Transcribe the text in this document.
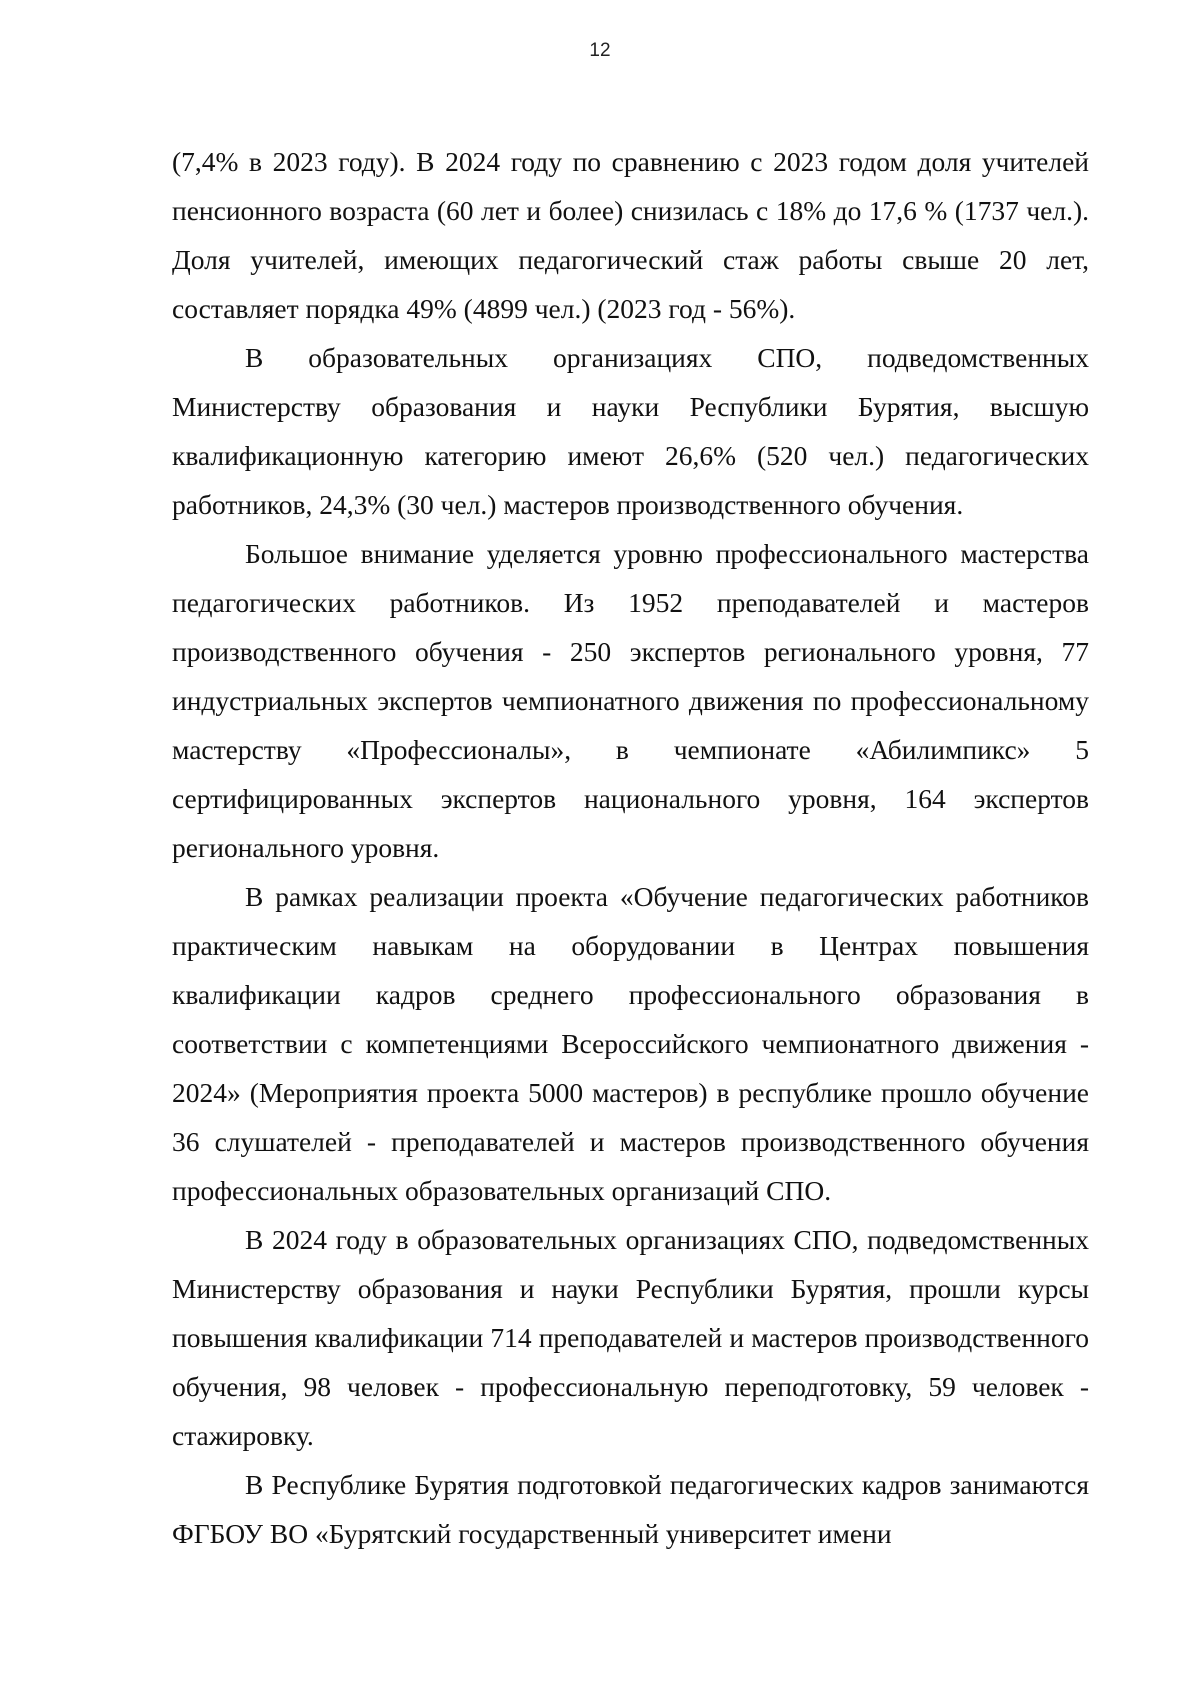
12

(7,4% в 2023 году). В 2024 году по сравнению с 2023 годом доля учителей пенсионного возраста (60 лет и более) снизилась с 18% до 17,6 % (1737 чел.). Доля учителей, имеющих педагогический стаж работы свыше 20 лет, составляет порядка 49% (4899 чел.) (2023 год - 56%).

В образовательных организациях СПО, подведомственных Министерству образования и науки Республики Бурятия, высшую квалификационную категорию имеют 26,6% (520 чел.) педагогических работников, 24,3% (30 чел.) мастеров производственного обучения.

Большое внимание уделяется уровню профессионального мастерства педагогических работников. Из 1952 преподавателей и мастеров производственного обучения - 250 экспертов регионального уровня, 77 индустриальных экспертов чемпионатного движения по профессиональному мастерству «Профессионалы», в чемпионате «Абилимпикс» 5 сертифицированных экспертов национального уровня, 164 экспертов регионального уровня.

В рамках реализации проекта «Обучение педагогических работников практическим навыкам на оборудовании в Центрах повышения квалификации кадров среднего профессионального образования в соответствии с компетенциями Всероссийского чемпионатного движения - 2024» (Мероприятия проекта 5000 мастеров) в республике прошло обучение 36 слушателей - преподавателей и мастеров производственного обучения профессиональных образовательных организаций СПО.

В 2024 году в образовательных организациях СПО, подведомственных Министерству образования и науки Республики Бурятия, прошли курсы повышения квалификации 714 преподавателей и мастеров производственного обучения, 98 человек - профессиональную переподготовку, 59 человек - стажировку.

В Республике Бурятия подготовкой педагогических кадров занимаются ФГБОУ ВО «Бурятский государственный университет имени
